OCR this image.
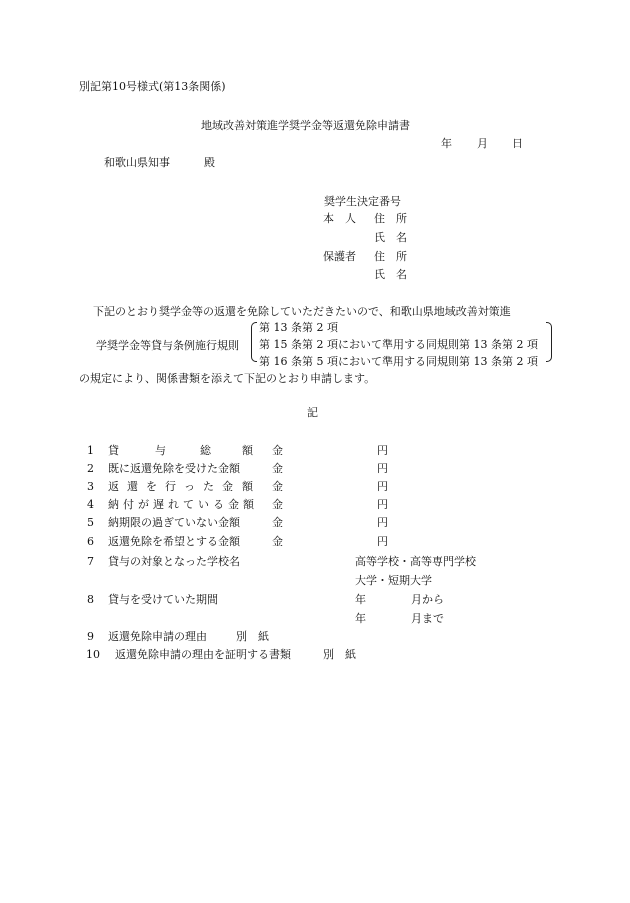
別記第10号様式(第13条関係)
地域改善対策進学奨学金等返還免除申請書
年 月 日
和歌山県知事	殿
奨学生決定番号
本 人 住 所
氏 名
保護者 住 所
氏 名
下記のとおり奨学金等の返還を免除していただきたいので、和歌山県地域改善対策進
学奨学金等貸与条例施行規則
第 13 条第 2 項
第 15 条第 2 項において準用する同規則第 13 条第 2 項
第 16 条第 5 項において準用する同規則第 13 条第 2 項
の規定により、関係書類を添えて下記のとおり申請します。
記
1 貸	与	総	額 金	円
2 既に返還免除を受けた金額	金	円
3 返 還 を 行 っ た 金 額 金	円
4 納 付 が 遅 れ て い る 金 額 金	円
5 納期限の過ぎていない金額	金	円
6 返還免除を希望とする金額	金	円
7 貸与の対象となった学校名	高等学校・高等専門学校
大学・短期大学
8 貸与を受けていた期間	年	月から
年	月まで
9 返還免除申請の理由	別　紙
10 返還免除申請の理由を証明する書類	別　紙
